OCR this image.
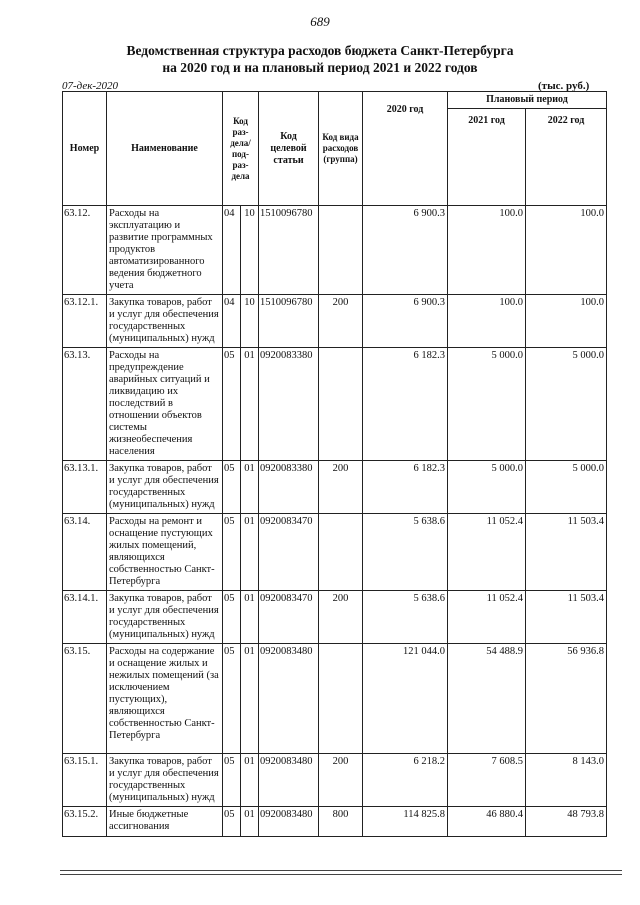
689
Ведомственная структура расходов бюджета Санкт-Петербурга
на 2020 год и на плановый период 2021 и 2022 годов
07-дек-2020	(тыс. руб.)
Номер	Наименование	Код раз-дела/ под-раз-дела		Код целевой статьи	Код вида расходов (группа)	2020 год	Плановый период	
							2021 год	2022 год
63.12.	Расходы на эксплуатацию и развитие программных продуктов автоматизированного ведения бюджетного учета	04	10	1510096780		6 900.3	100.0	100.0
63.12.1.	Закупка товаров, работ и услуг для обеспечения государственных (муниципальных) нужд	04	10	1510096780	200	6 900.3	100.0	100.0
63.13.	Расходы на предупреждение аварийных ситуаций и ликвидацию их последствий в отношении объектов системы жизнеобеспечения населения	05	01	0920083380		6 182.3	5 000.0	5 000.0
63.13.1.	Закупка товаров, работ и услуг для обеспечения государственных (муниципальных) нужд	05	01	0920083380	200	6 182.3	5 000.0	5 000.0
63.14.	Расходы на ремонт и оснащение пустующих жилых помещений, являющихся собственностью Санкт-Петербурга	05	01	0920083470		5 638.6	11 052.4	11 503.4
63.14.1.	Закупка товаров, работ и услуг для обеспечения государственных (муниципальных) нужд	05	01	0920083470	200	5 638.6	11 052.4	11 503.4
63.15.	Расходы на содержание и оснащение жилых и нежилых помещений (за исключением пустующих), являющихся собственностью Санкт-Петербурга	05	01	0920083480		121 044.0	54 488.9	56 936.8
63.15.1.	Закупка товаров, работ и услуг для обеспечения государственных (муниципальных) нужд	05	01	0920083480	200	6 218.2	7 608.5	8 143.0
63.15.2.	Иные бюджетные ассигнования	05	01	0920083480	800	114 825.8	46 880.4	48 793.8
